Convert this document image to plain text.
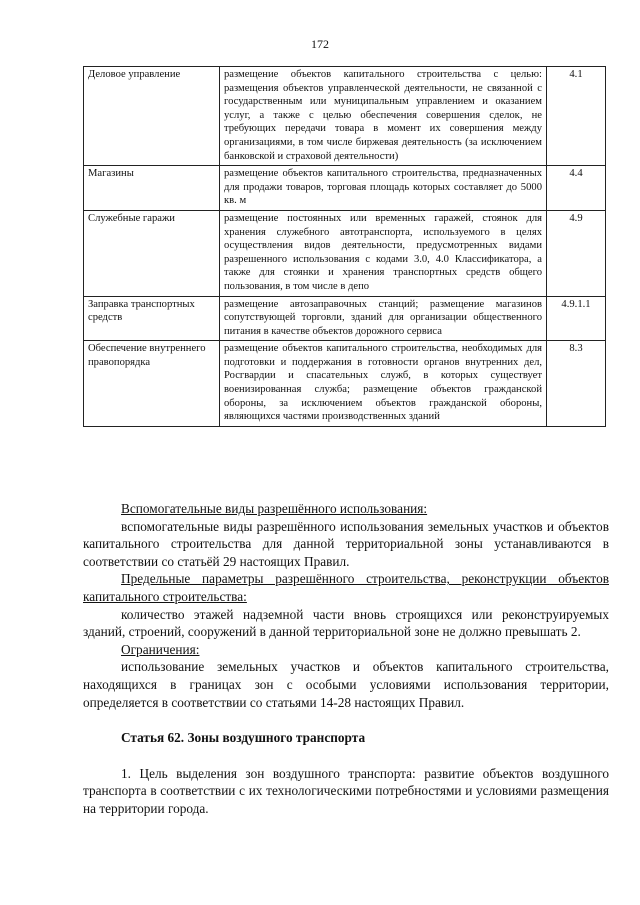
172
Деловое управление	размещение объектов капитального строительства с целью: размещения объектов управленческой деятельности, не связанной с государственным или муниципальным управлением и оказанием услуг, а также с целью обеспечения совершения сделок, не требующих передачи товара в момент их совершения между организациями, в том числе биржевая деятельность (за исключением банковской и страховой деятельности)	4.1
Магазины	размещение объектов капитального строительства, предназначенных для продажи товаров, торговая площадь которых составляет до 5000 кв. м	4.4
Служебные гаражи	размещение постоянных или временных гаражей, стоянок для хранения служебного автотранспорта, используемого в целях осуществления видов деятельности, предусмотренных видами разрешенного использования с кодами 3.0, 4.0 Классификатора, а также для стоянки и хранения транспортных средств общего пользования, в том числе в депо	4.9
Заправка транспортных средств	размещение автозаправочных станций; размещение магазинов сопутствующей торговли, зданий для организации общественного питания в качестве объектов дорожного сервиса	4.9.1.1
Обеспечение внутреннего правопорядка	размещение объектов капитального строительства, необходимых для подготовки и поддержания в готовности органов внутренних дел, Росгвардии и спасательных служб, в которых существует военизированная служба; размещение объектов гражданской обороны, за исключением объектов гражданской обороны, являющихся частями производственных зданий	8.3

Вспомогательные виды разрешённого использования:

вспомогательные виды разрешённого использования земельных участков и объектов капитального строительства для данной территориальной зоны устанавливаются в соответствии со статьёй 29 настоящих Правил.

Предельные параметры разрешённого строительства, реконструкции объектов капитального строительства:

количество этажей надземной части вновь строящихся или реконструируемых зданий, строений, сооружений в данной территориальной зоне не должно превышать 2.

Ограничения:

использование земельных участков и объектов капитального строительства, находящихся в границах зон с особыми условиями использования территории, определяется в соответствии со статьями 14-28 настоящих Правил.

Статья 62. Зоны воздушного транспорта

1. Цель выделения зон воздушного транспорта: развитие объектов воздушного транспорта в соответствии с их технологическими потребностями и условиями размещения на территории города.
